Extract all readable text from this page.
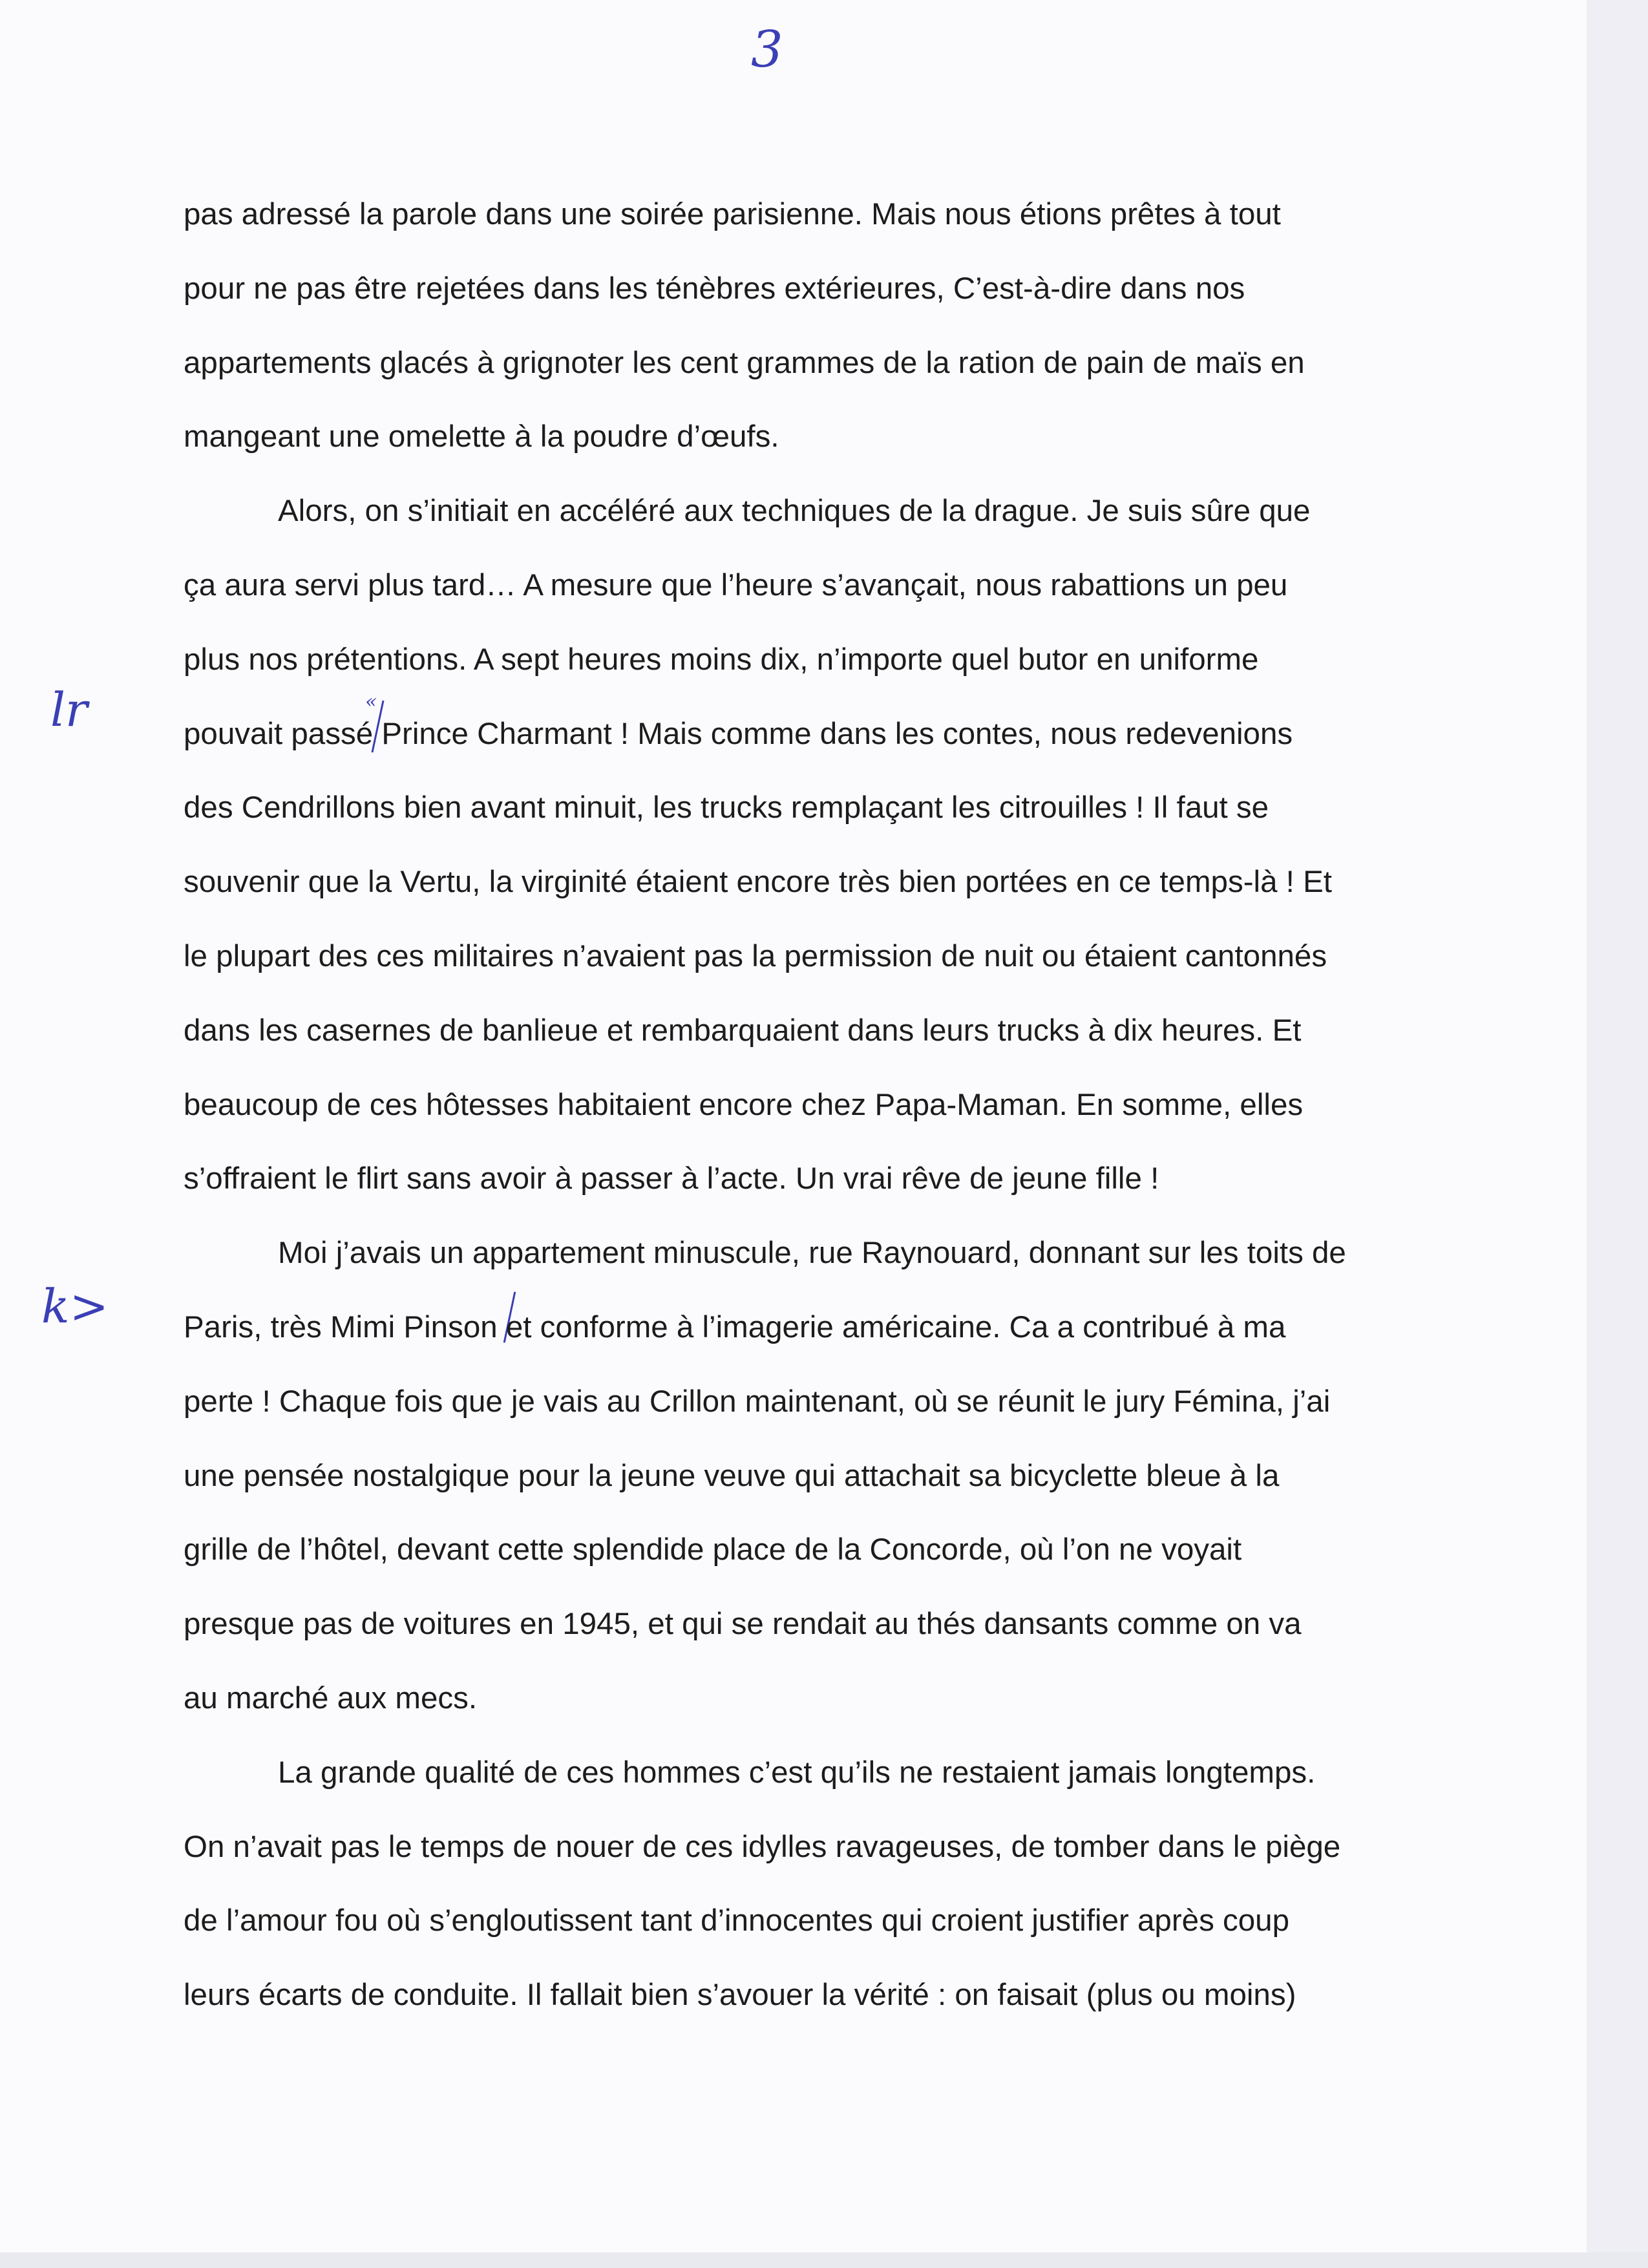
3
lr
k>
«
pas adressé la parole dans une soirée parisienne. Mais nous étions prêtes à tout
pour ne pas être rejetées dans les ténèbres extérieures, C’est-à-dire dans nos
appartements glacés à grignoter les cent grammes de la ration de pain de maïs en
mangeant une omelette à la poudre d’œufs.
Alors, on s’initiait en accéléré aux techniques de la drague. Je suis sûre que
ça aura servi plus tard… A mesure que l’heure s’avançait, nous rabattions un peu
plus nos prétentions. A sept heures moins dix, n’importe quel butor en uniforme
pouvait passé Prince Charmant ! Mais comme dans les contes, nous redevenions
des Cendrillons bien avant minuit, les trucks remplaçant les citrouilles ! Il faut se
souvenir que la Vertu, la virginité étaient encore très bien portées en ce temps-là ! Et
le plupart des ces militaires n’avaient pas la permission de nuit ou étaient cantonnés
dans les casernes de banlieue et rembarquaient dans leurs trucks à dix heures. Et
beaucoup de ces hôtesses habitaient encore chez Papa-Maman. En somme, elles
s’offraient le flirt sans avoir à passer à l’acte. Un vrai rêve de jeune fille !
Moi j’avais un appartement minuscule, rue Raynouard, donnant sur les toits de
Paris, très Mimi Pinson et conforme à l’imagerie américaine. Ca a contribué à ma
perte ! Chaque fois que je vais au Crillon maintenant, où se réunit le jury Fémina, j’ai
une pensée nostalgique pour la jeune veuve qui attachait sa bicyclette bleue à la
grille de l’hôtel, devant cette splendide place de la Concorde, où l’on ne voyait
presque pas de voitures en 1945, et qui se rendait au thés dansants comme on va
au marché aux mecs.
La grande qualité de ces hommes c’est qu’ils ne restaient jamais longtemps.
On n’avait pas le temps de nouer de ces idylles ravageuses, de tomber dans le piège
de l’amour fou où s’engloutissent tant d’innocentes qui croient justifier après coup
leurs écarts de conduite. Il fallait bien s’avouer la vérité : on faisait (plus ou moins)
